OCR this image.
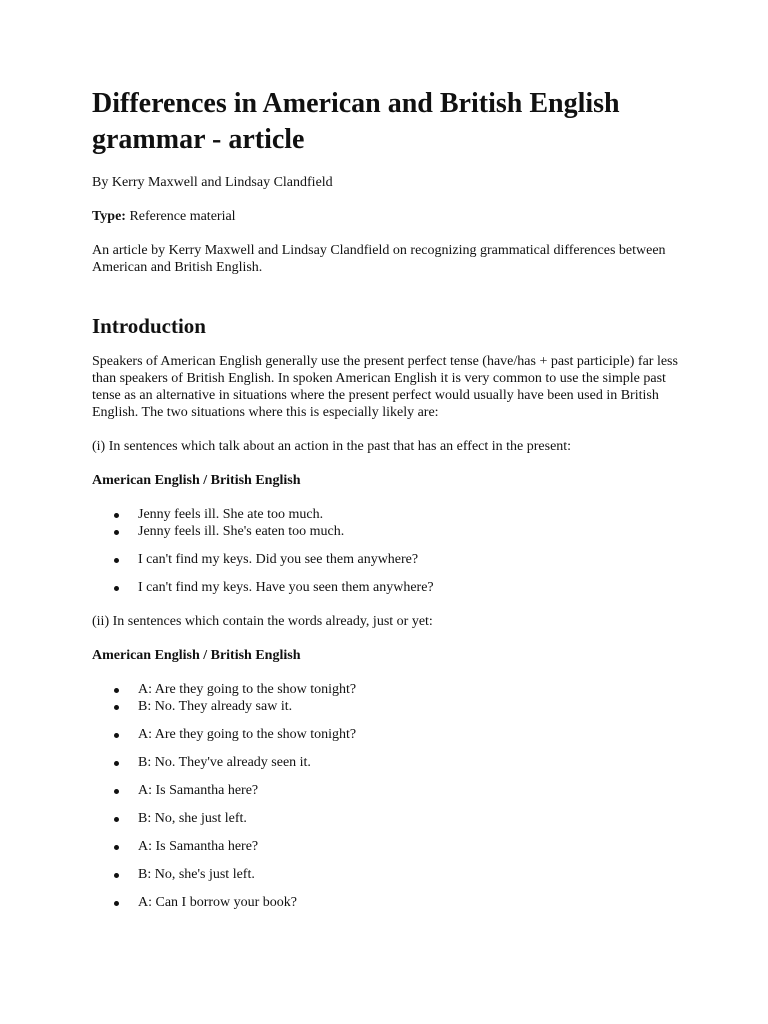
Differences in American and British English grammar - article

By Kerry Maxwell and Lindsay Clandfield

Type: Reference material

An article by Kerry Maxwell and Lindsay Clandfield on recognizing grammatical differences between American and British English.

Introduction

Speakers of American English generally use the present perfect tense (have/has + past participle) far less than speakers of British English. In spoken American English it is very common to use the simple past tense as an alternative in situations where the present perfect would usually have been used in British English. The two situations where this is especially likely are:

(i) In sentences which talk about an action in the past that has an effect in the present:

American English / British English

Jenny feels ill. She ate too much.
Jenny feels ill. She's eaten too much.
I can't find my keys. Did you see them anywhere?
I can't find my keys. Have you seen them anywhere?

(ii) In sentences which contain the words already, just or yet:

American English / British English

A: Are they going to the show tonight?
B: No. They already saw it.
A: Are they going to the show tonight?
B: No. They've already seen it.
A: Is Samantha here?
B: No, she just left.
A: Is Samantha here?
B: No, she's just left.
A: Can I borrow your book?
